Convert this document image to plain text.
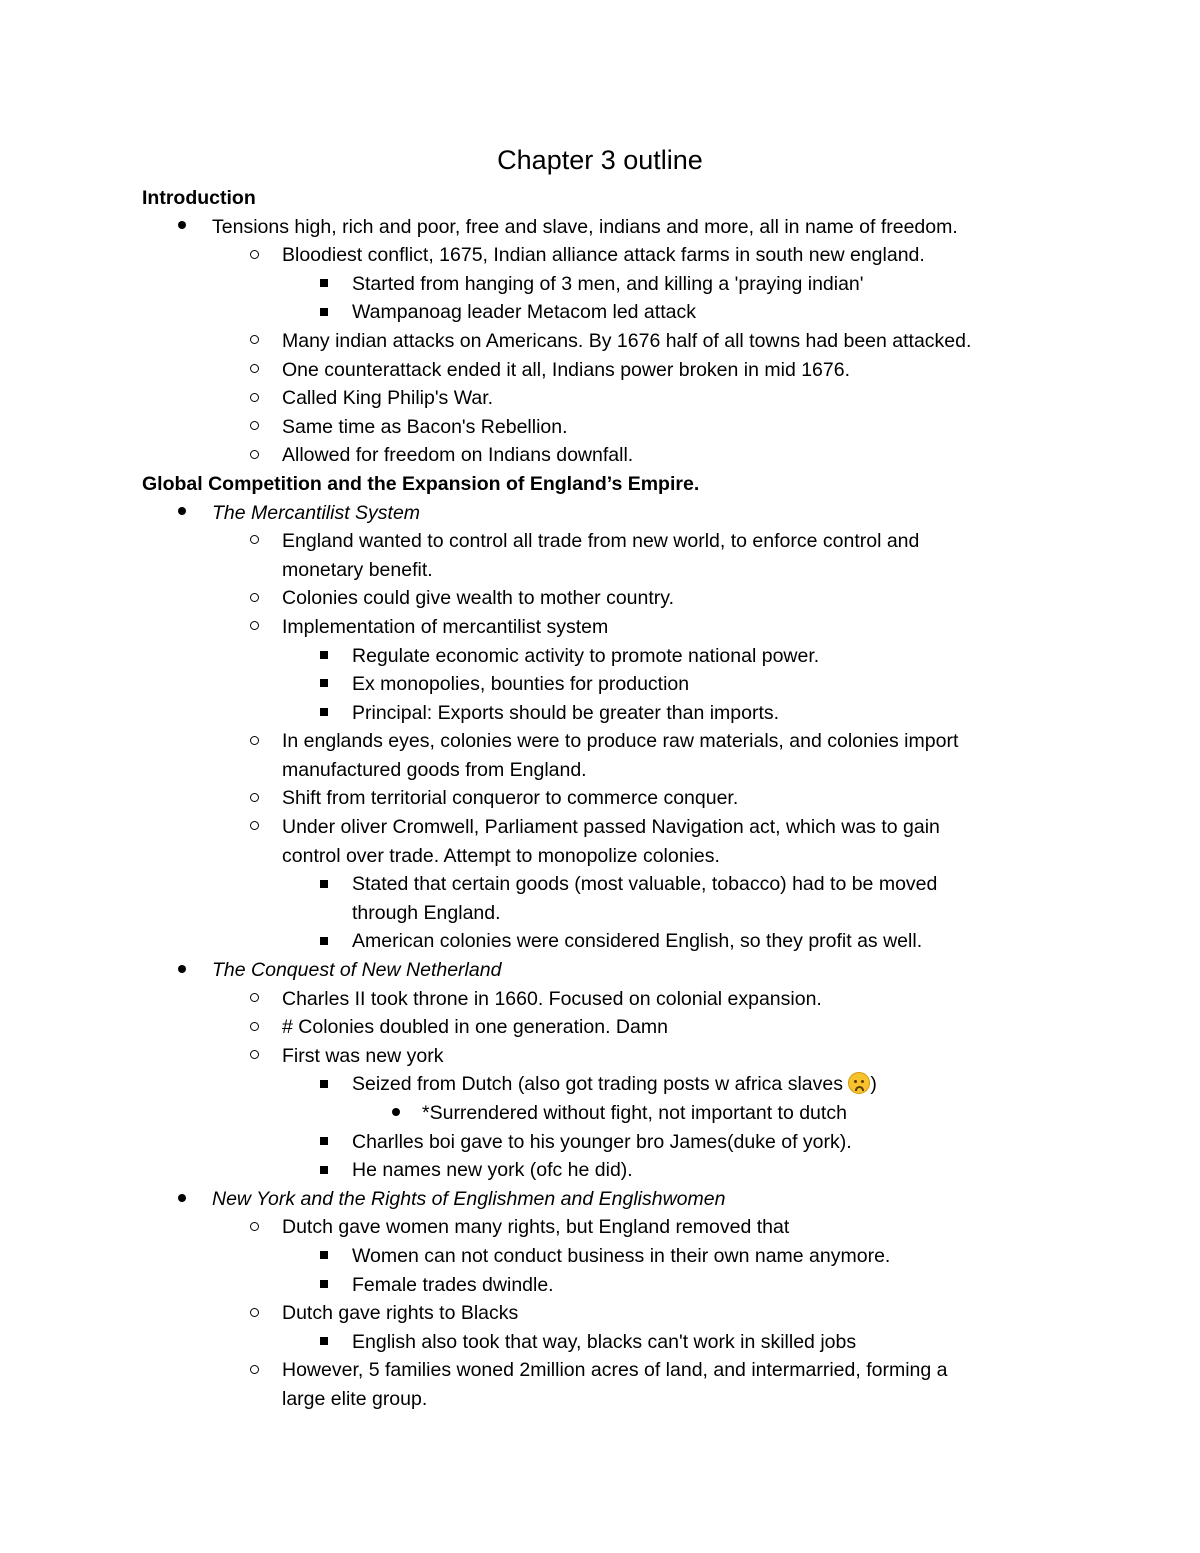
Chapter 3 outline
Introduction
Tensions high, rich and poor, free and slave, indians and more, all in name of freedom.
Bloodiest conflict, 1675, Indian alliance attack farms in south new england.
Started from hanging of 3 men, and killing a 'praying indian'
Wampanoag leader Metacom led attack
Many indian attacks on Americans. By 1676 half of all towns had been attacked.
One counterattack ended it all, Indians power broken in mid 1676.
Called King Philip's War.
Same time as Bacon's Rebellion.
Allowed for freedom on Indians downfall.
Global Competition and the Expansion of England’s Empire.
The Mercantilist System
England wanted to control all trade from new world, to enforce control and
monetary benefit.
Colonies could give wealth to mother country.
Implementation of mercantilist system
Regulate economic activity to promote national power.
Ex monopolies, bounties for production
Principal: Exports should be greater than imports.
In englands eyes, colonies were to produce raw materials, and colonies import
manufactured goods from England.
Shift from territorial conqueror to commerce conquer.
Under oliver Cromwell, Parliament passed Navigation act, which was to gain
control over trade. Attempt to monopolize colonies.
Stated that certain goods (most valuable, tobacco) had to be moved
through England.
American colonies were considered English, so they profit as well.
The Conquest of New Netherland
Charles II took throne in 1660. Focused on colonial expansion.
# Colonies doubled in one generation. Damn
First was new york
Seized from Dutch (also got trading posts w africa slaves )
*Surrendered without fight, not important to dutch
Charlles boi gave to his younger bro James(duke of york).
He names new york (ofc he did).
New York and the Rights of Englishmen and Englishwomen
Dutch gave women many rights, but England removed that
Women can not conduct business in their own name anymore.
Female trades dwindle.
Dutch gave rights to Blacks
English also took that way, blacks can't work in skilled jobs
However, 5 families woned 2million acres of land, and intermarried, forming a
large elite group.
